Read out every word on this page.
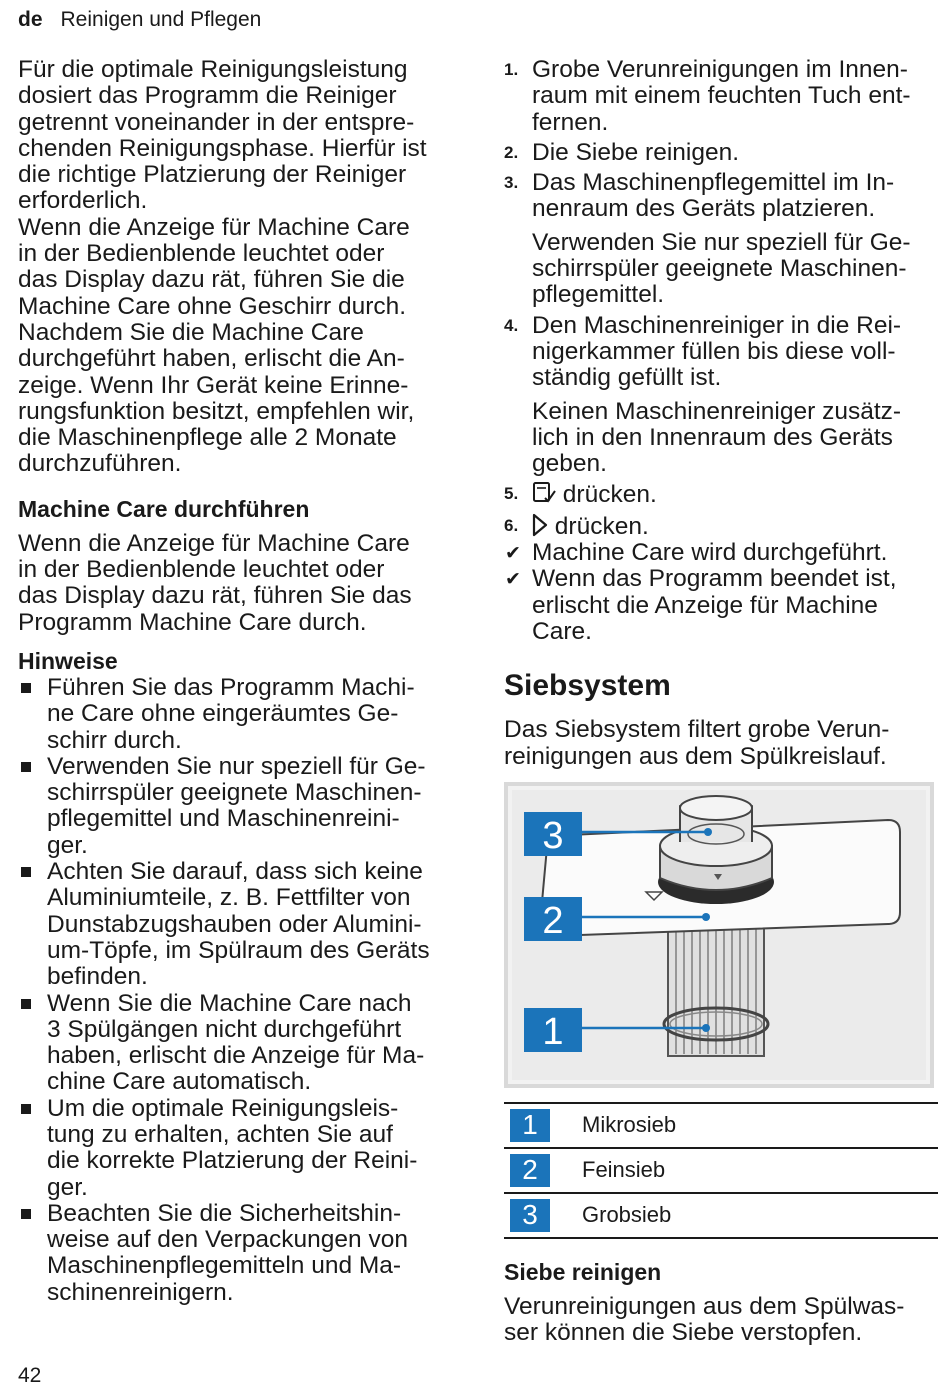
de Reinigen und Pflegen
Für die optimale Reinigungsleistung
dosiert das Programm die Reiniger
getrennt voneinander in der entspre-
chenden Reinigungsphase. Hierfür ist
die richtige Platzierung der Reiniger
erforderlich.
Wenn die Anzeige für Machine Care
in der Bedienblende leuchtet oder
das Display dazu rät, führen Sie die
Machine Care ohne Geschirr durch.
Nachdem Sie die Machine Care
durchgeführt haben, erlischt die An-
zeige. Wenn Ihr Gerät keine Erinne-
rungsfunktion besitzt, empfehlen wir,
die Maschinenpflege alle 2 Monate
durchzuführen.
Machine Care durchführen
Wenn die Anzeige für Machine Care
in der Bedienblende leuchtet oder
das Display dazu rät, führen Sie das
Programm Machine Care durch.
Hinweise
Führen Sie das Programm Machi-
ne Care ohne eingeräumtes Ge-
schirr durch.
Verwenden Sie nur speziell für Ge-
schirrspüler geeignete Maschinen-
pflegemittel und Maschinenreini-
ger.
Achten Sie darauf, dass sich keine
Aluminiumteile, z. B. Fettfilter von
Dunstabzugshauben oder Alumini-
um-Töpfe, im Spülraum des Geräts
befinden.
Wenn Sie die Machine Care nach
3 Spülgängen nicht durchgeführt
haben, erlischt die Anzeige für Ma-
chine Care automatisch.
Um die optimale Reinigungsleis-
tung zu erhalten, achten Sie auf
die korrekte Platzierung der Reini-
ger.
Beachten Sie die Sicherheitshin-
weise auf den Verpackungen von
Maschinenpflegemitteln und Ma-
schinenreinigern.
1. Grobe Verunreinigungen im Innen-
raum mit einem feuchten Tuch ent-
fernen.
2. Die Siebe reinigen.
3. Das Maschinenpflegemittel im In-
nenraum des Geräts platzieren.
Verwenden Sie nur speziell für Ge-
schirrspüler geeignete Maschinen-
pflegemittel.
4. Den Maschinenreiniger in die Rei-
nigerkammer füllen bis diese voll-
ständig gefüllt ist.
Keinen Maschinenreiniger zusätz-
lich in den Innenraum des Geräts
geben.
5.	drücken.
6.	drücken.
✔ Machine Care wird durchgeführt.
✔ Wenn das Programm beendet ist,
erlischt die Anzeige für Machine
Care.
Siebsystem
Das Siebsystem filtert grobe Verun-
reinigungen aus dem Spülkreislauf.
3
2
1
1	Mikrosieb
2	Feinsieb
3	Grobsieb
Siebe reinigen
Verunreinigungen aus dem Spülwas-
ser können die Siebe verstopfen.
42
